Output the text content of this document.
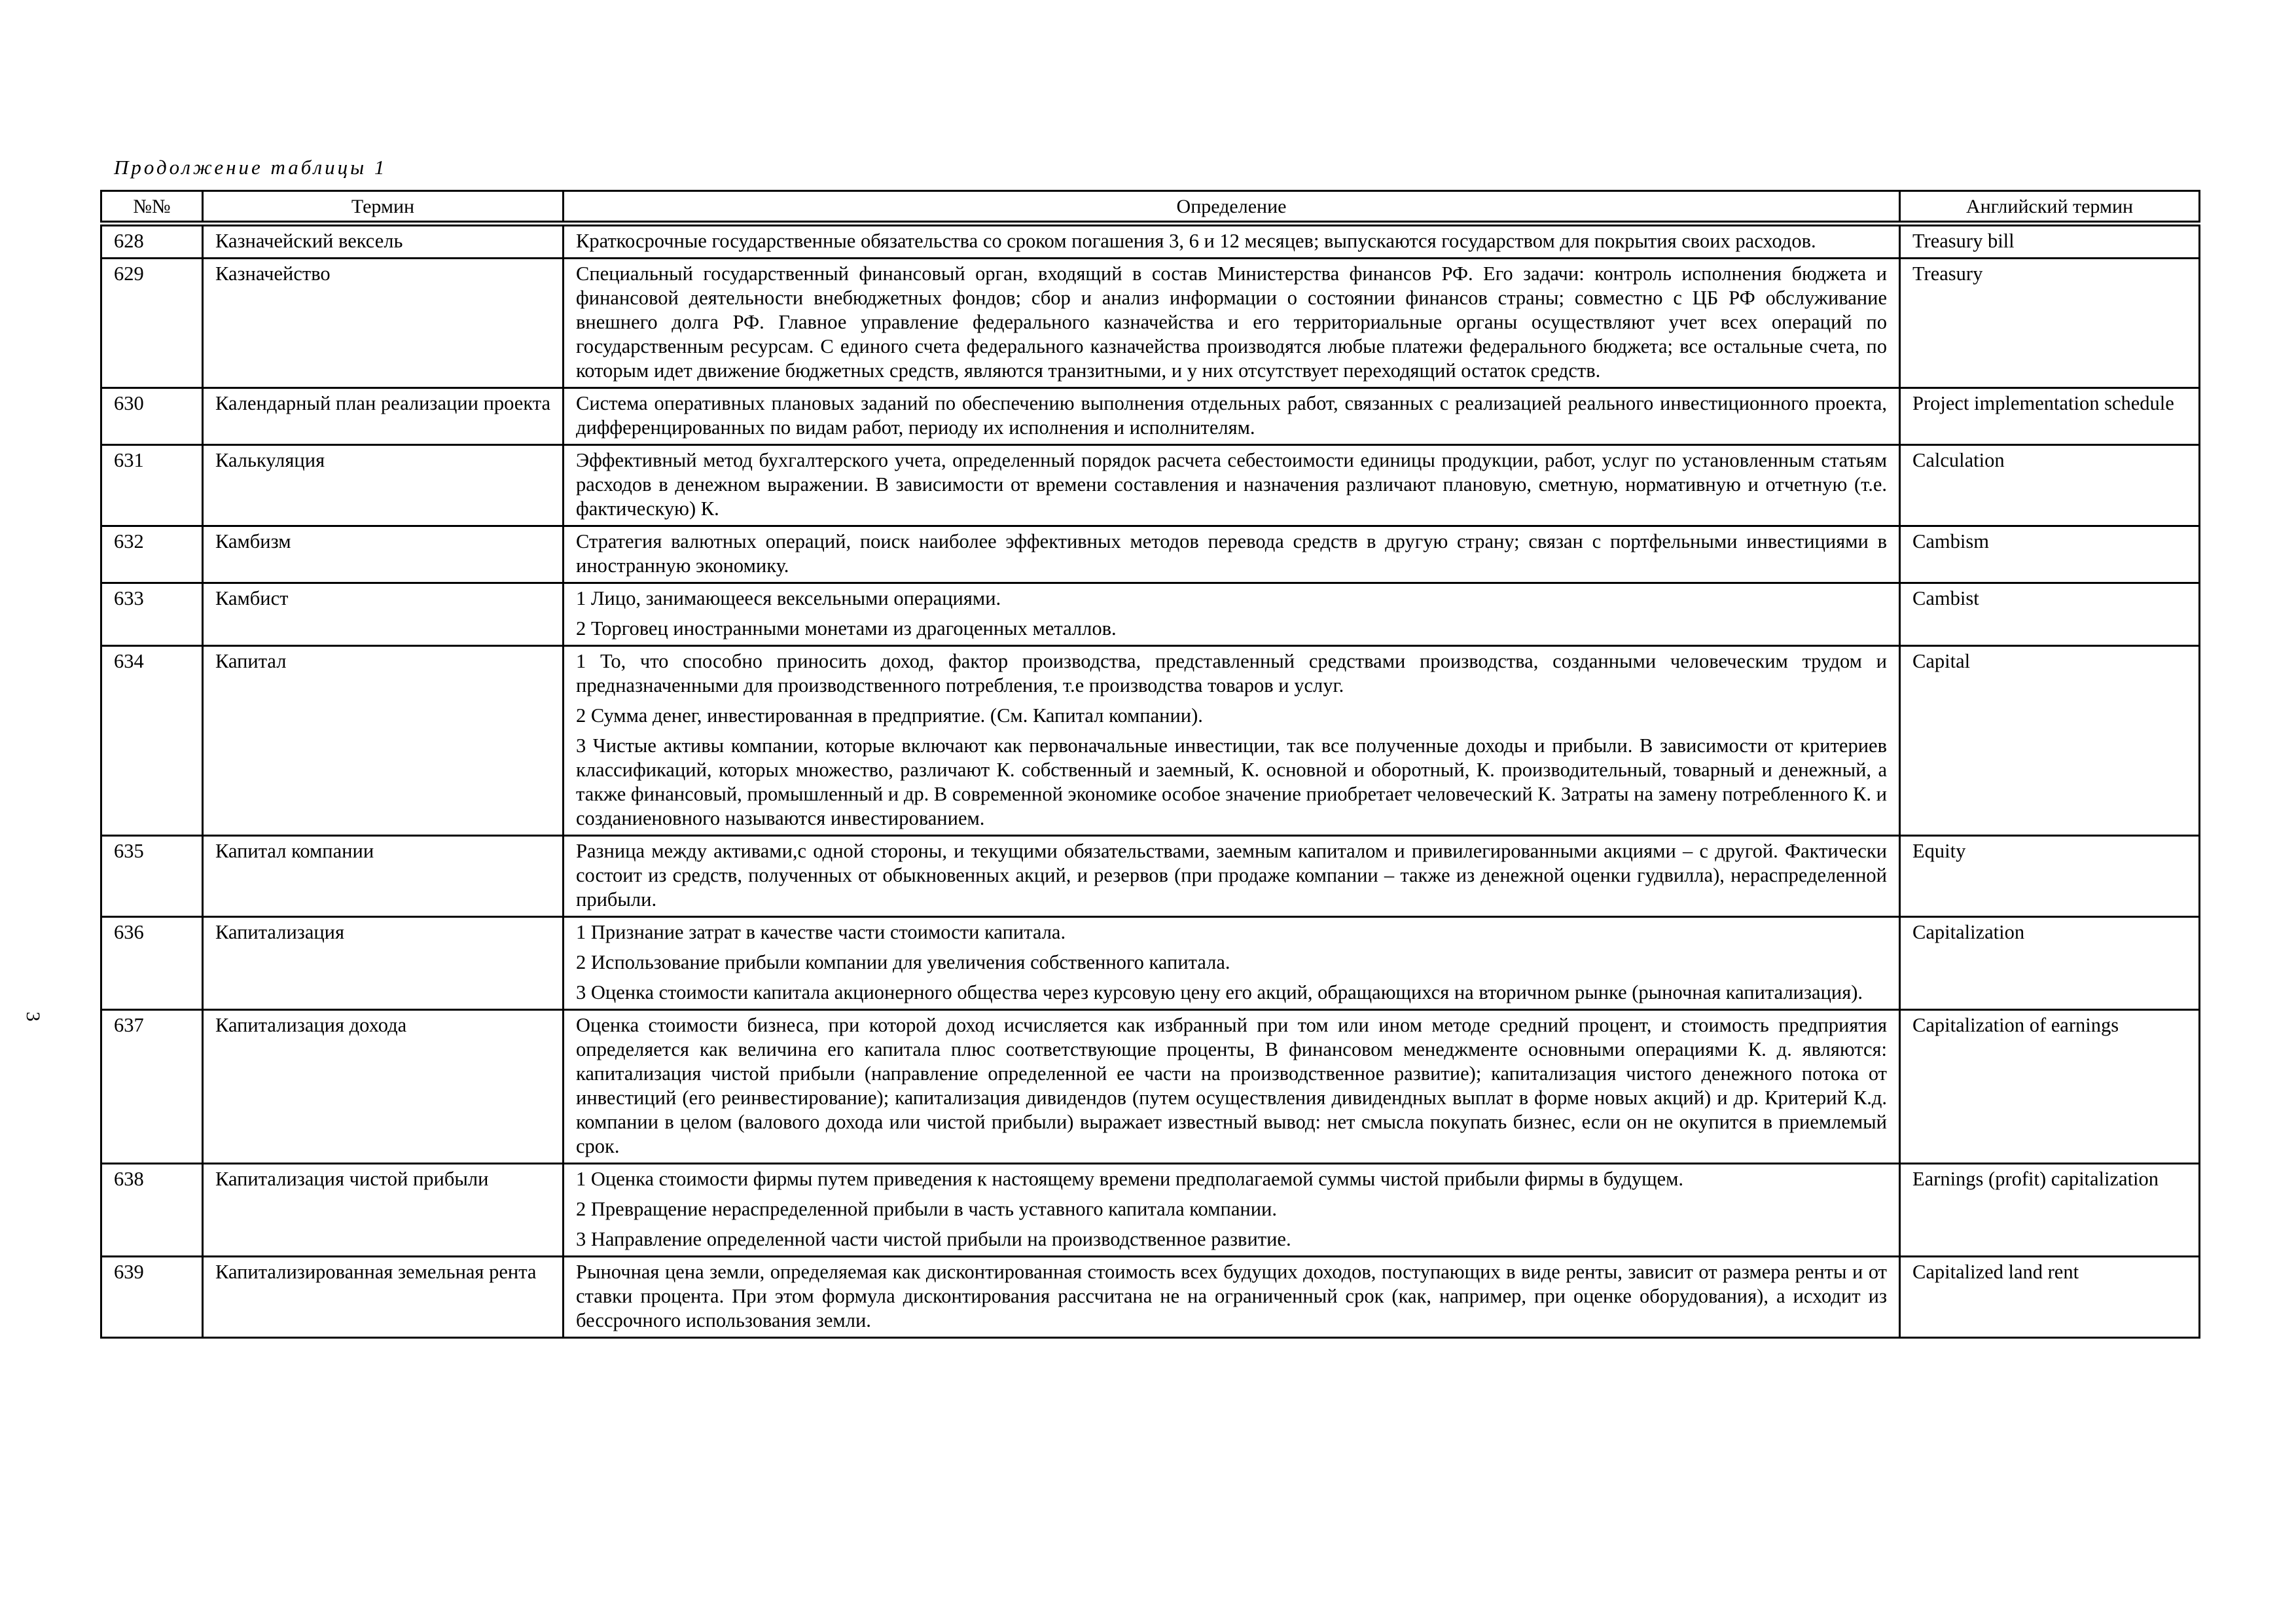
Продолжение таблицы 1
3
№№	Термин	Определение	Английский термин
628	Казначейский вексель	Краткосрочные государственные обязательства со сроком погашения 3, 6 и 12 месяцев; выпускаются государством для покрытия своих расходов.	Treasury bill
629	Казначейство	Специальный государственный финансовый орган, входящий в состав Министерства финансов РФ. Его задачи: контроль исполнения бюджета и финансовой деятельности внебюджетных фондов; сбор и анализ информации о состоянии финансов страны; совместно с ЦБ РФ обслуживание внешнего долга РФ. Главное управление федерального казначейства и его территориальные органы осуществляют учет всех операций по государственным ресурсам. С единого счета федерального казначейства производятся любые платежи федерального бюджета; все остальные счета, по которым идет движение бюджетных средств, являются транзитными, и у них отсутствует переходящий остаток средств.	Treasury
630	Календарный план реализации проекта	Система оперативных плановых заданий по обеспечению выполнения отдельных работ, связанных с реализацией реального инвестиционного проекта, дифференцированных по видам работ, периоду их исполнения и исполнителям.	Project implementation schedule
631	Калькуляция	Эффективный метод бухгалтерского учета, определенный порядок расчета себестоимости единицы продукции, работ, услуг по установленным статьям расходов в денежном выражении. В зависимости от времени составления и назначения различают плановую, сметную, нормативную и отчетную (т.е. фактическую) К.	Calculation
632	Камбизм	Стратегия валютных операций, поиск наиболее эффективных методов перевода средств в другую страну; связан с портфельными инвестициями в иностранную экономику.	Cambism
633	Камбист	1 Лицо, занимающееся вексельными операциями.

2 Торговец иностранными монетами из драгоценных металлов.	Cambist
634	Капитал	1 То, что способно приносить доход, фактор производства, представленный средствами производства, созданными человеческим трудом и предназначенными для производственного потребления, т.е производства товаров и услуг.

2 Сумма денег, инвестированная в предприятие. (См. Капитал компании).

3 Чистые активы компании, которые включают как первоначальные инвестиции, так все полученные доходы и прибыли. В зависимости от критериев классификаций, которых множество, различают К. собственный и заемный, К. основной и оборотный, К. производительный, товарный и денежный, а также финансовый, промышленный и др. В современной экономике особое значение приобретает человеческий К. Затраты на замену потребленного К. и созданиеновного называются инвестированием.	Capital
635	Капитал компании	Разница между активами,с одной стороны, и текущими обязательствами, заемным капиталом и привилегированными акциями – с другой. Фактически состоит из средств, полученных от обыкновенных акций, и резервов (при продаже компании – также из денежной оценки гудвилла), нераспределенной прибыли.	Equity
636	Капитализация	1 Признание затрат в качестве части стоимости капитала.

2 Использование прибыли компании для увеличения собственного капитала.

3 Оценка стоимости капитала акционерного общества через курсовую цену его акций, обращающихся на вторичном рынке (рыночная капитализация).	Capitalization
637	Капитализация дохода	Оценка стоимости бизнеса, при которой доход исчисляется как избранный при том или ином методе средний процент, и стоимость предприятия определяется как величина его капитала плюс соответствующие проценты, В финансовом менеджменте основными операциями К. д. являются: капитализация чистой прибыли (направление определенной ее части на производственное развитие); капитализация чистого денежного потока от инвестиций (его реинвестирование); капитализация дивидендов (путем осуществления дивидендных выплат в форме новых акций) и др. Критерий К.д. компании в целом (валового дохода или чистой прибыли) выражает известный вывод: нет смысла покупать бизнес, если он не окупится в приемлемый срок.	Capitalization of earnings
638	Капитализация чистой прибыли	1 Оценка стоимости фирмы путем приведения к настоящему времени предполагаемой суммы чистой прибыли фирмы в будущем.

2 Превращение нераспределенной прибыли в часть уставного капитала компании.

3 Направление определенной части чистой прибыли на производственное развитие.	Earnings (profit) capitalization
639	Капитализированная земельная рента	Рыночная цена земли, определяемая как дисконтированная стоимость всех будущих доходов, поступающих в виде ренты, зависит от размера ренты и от ставки процента. При этом формула дисконтирования рассчитана не на ограниченный срок (как, например, при оценке оборудования), а исходит из бессрочного использования земли.	Capitalized land rent
